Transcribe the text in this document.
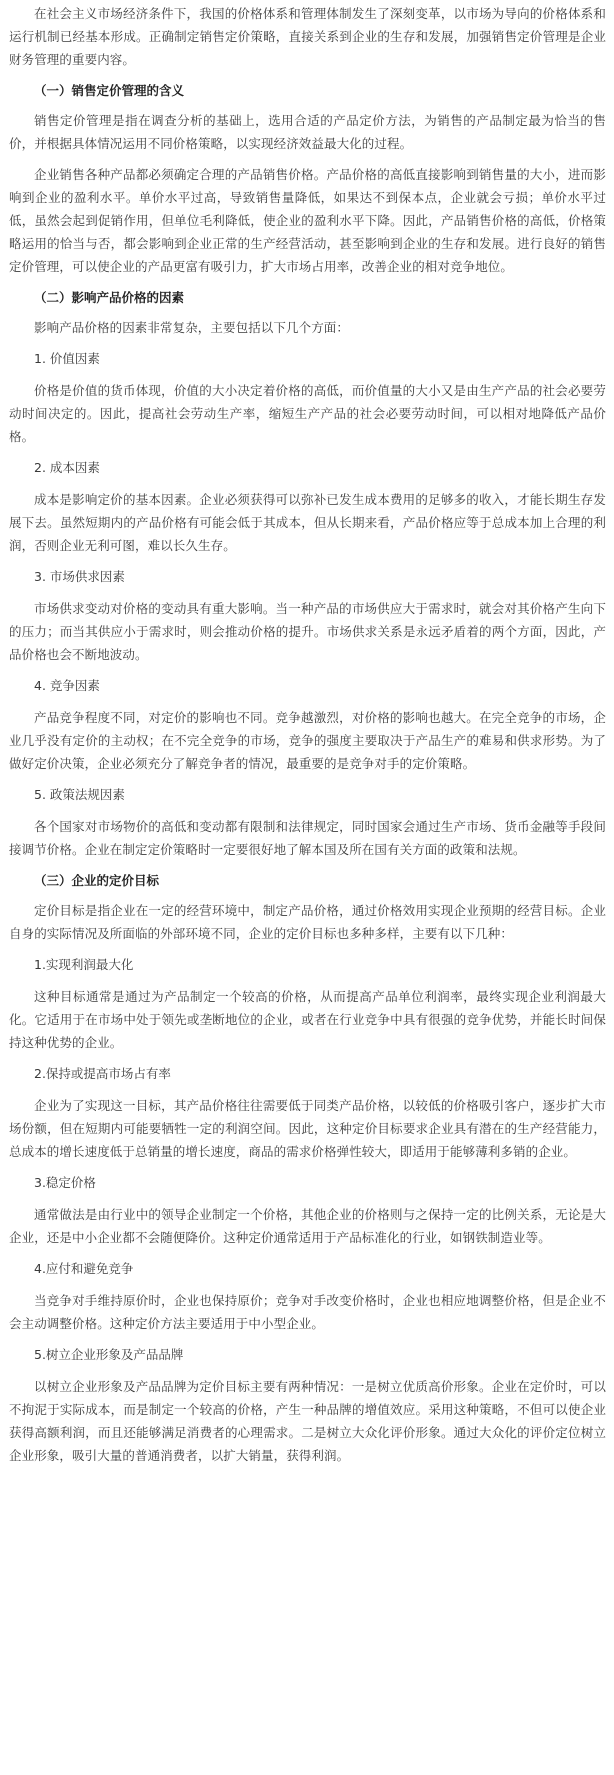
在社会主义市场经济条件下，我国的价格体系和管理体制发生了深刻变革，以市场为导向的价格体系和运行机制已经基本形成。正确制定销售定价策略，直接关系到企业的生存和发展，加强销售定价管理是企业财务管理的重要内容。

（一）销售定价管理的含义

销售定价管理是指在调查分析的基础上，选用合适的产品定价方法，为销售的产品制定最为恰当的售价，并根据具体情况运用不同价格策略，以实现经济效益最大化的过程。

企业销售各种产品都必须确定合理的产品销售价格。产品价格的高低直接影响到销售量的大小，进而影响到企业的盈利水平。单价水平过高，导致销售量降低，如果达不到保本点，企业就会亏损；单价水平过低，虽然会起到促销作用，但单位毛利降低，使企业的盈利水平下降。因此，产品销售价格的高低，价格策略运用的恰当与否，都会影响到企业正常的生产经营活动，甚至影响到企业的生存和发展。进行良好的销售定价管理，可以使企业的产品更富有吸引力，扩大市场占用率，改善企业的相对竞争地位。

（二）影响产品价格的因素

影响产品价格的因素非常复杂，主要包括以下几个方面：

1. 价值因素

价格是价值的货币体现，价值的大小决定着价格的高低，而价值量的大小又是由生产产品的社会必要劳动时间决定的。因此，提高社会劳动生产率，缩短生产产品的社会必要劳动时间，可以相对地降低产品价格。

2. 成本因素

成本是影响定价的基本因素。企业必须获得可以弥补已发生成本费用的足够多的收入，才能长期生存发展下去。虽然短期内的产品价格有可能会低于其成本，但从长期来看，产品价格应等于总成本加上合理的利润，否则企业无利可图，难以长久生存。

3. 市场供求因素

市场供求变动对价格的变动具有重大影响。当一种产品的市场供应大于需求时，就会对其价格产生向下的压力；而当其供应小于需求时，则会推动价格的提升。市场供求关系是永远矛盾着的两个方面，因此，产品价格也会不断地波动。

4. 竞争因素

产品竞争程度不同，对定价的影响也不同。竞争越激烈，对价格的影响也越大。在完全竞争的市场，企业几乎没有定价的主动权；在不完全竞争的市场，竞争的强度主要取决于产品生产的难易和供求形势。为了做好定价决策，企业必须充分了解竞争者的情况，最重要的是竞争对手的定价策略。

5. 政策法规因素

各个国家对市场物价的高低和变动都有限制和法律规定，同时国家会通过生产市场、货币金融等手段间接调节价格。企业在制定定价策略时一定要很好地了解本国及所在国有关方面的政策和法规。

（三）企业的定价目标

定价目标是指企业在一定的经营环境中，制定产品价格，通过价格效用实现企业预期的经营目标。企业自身的实际情况及所面临的外部环境不同，企业的定价目标也多种多样，主要有以下几种：

1.实现利润最大化

这种目标通常是通过为产品制定一个较高的价格，从而提高产品单位利润率，最终实现企业利润最大化。它适用于在市场中处于领先或垄断地位的企业，或者在行业竞争中具有很强的竞争优势，并能长时间保持这种优势的企业。

2.保持或提高市场占有率

企业为了实现这一目标，其产品价格往往需要低于同类产品价格，以较低的价格吸引客户，逐步扩大市场份额，但在短期内可能要牺牲一定的利润空间。因此，这种定价目标要求企业具有潜在的生产经营能力，总成本的增长速度低于总销量的增长速度，商品的需求价格弹性较大，即适用于能够薄利多销的企业。

3.稳定价格

通常做法是由行业中的领导企业制定一个价格，其他企业的价格则与之保持一定的比例关系，无论是大企业，还是中小企业都不会随便降价。这种定价通常适用于产品标准化的行业，如钢铁制造业等。

4.应付和避免竞争

当竞争对手维持原价时，企业也保持原价；竞争对手改变价格时，企业也相应地调整价格，但是企业不会主动调整价格。这种定价方法主要适用于中小型企业。

5.树立企业形象及产品品牌

以树立企业形象及产品品牌为定价目标主要有两种情况：一是树立优质高价形象。企业在定价时，可以不拘泥于实际成本，而是制定一个较高的价格，产生一种品牌的增值效应。采用这种策略，不但可以使企业获得高额利润，而且还能够满足消费者的心理需求。二是树立大众化评价形象。通过大众化的评价定位树立企业形象，吸引大量的普通消费者，以扩大销量，获得利润。
